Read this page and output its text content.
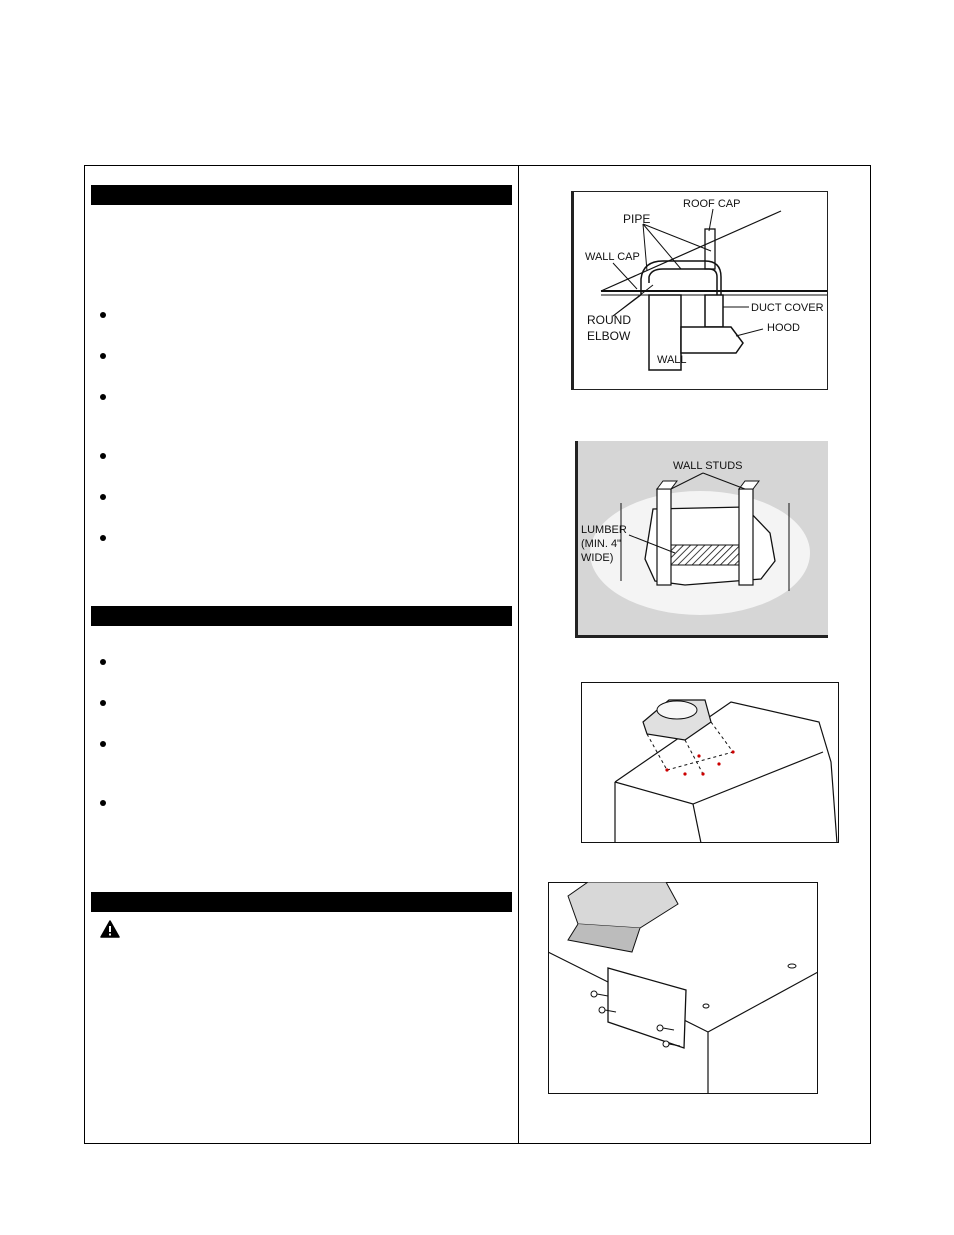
ROOF CAP
PIPE
WALL CAP
DUCT COVER
HOOD
ROUND
ELBOW
WALL
WALL STUDS
LUMBER
(MIN. 4"
WIDE)
